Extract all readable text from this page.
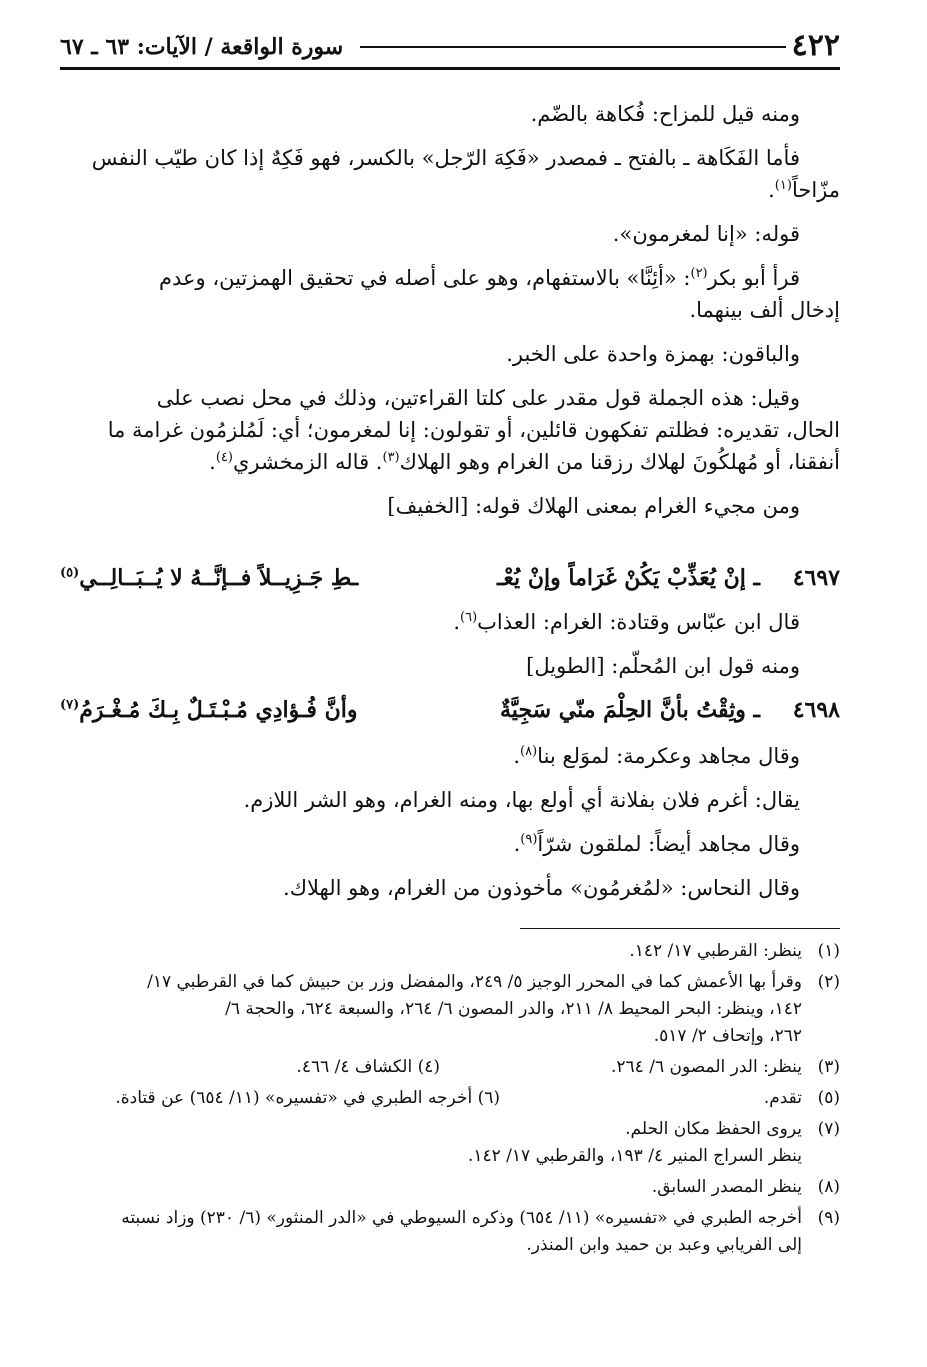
٤٢٢
سورة الواقعة / الآيات: ٦٣ ـ ٦٧

ومنه قيل للمزاح: فُكاهة بالضّم.

فأما الفَكَاهة ـ بالفتح ـ فمصدر «فَكِهَ الرّجل» بالكسر، فهو فَكِهٌ إذا كان طيّب النفس

مزّاحاً$^{(١)}$.

قوله: «إنا لمغرمون».

قرأ أبو بكر$^{(٢)}$: «أئِنَّا» بالاستفهام، وهو على أصله في تحقيق الهمزتين، وعدم

إدخال ألف بينهما.

والباقون: بهمزة واحدة على الخبر.

وقيل: هذه الجملة قول مقدر على كلتا القراءتين، وذلك في محل نصب على

الحال، تقديره: فظلتم تفكهون قائلين، أو تقولون: إنا لمغرمون؛ أي: لَمُلزمُون غرامة ما

أنفقنا، أو مُهلكُونَ لهلاك رزقنا من الغرام وهو الهلاك$^{(٣)}$. قاله الزمخشري$^{(٤)}$.

ومن مجيء الغرام بمعنى الهلاك قوله: [الخفيف]

٤٦٩٧
ـ إنْ يُعَذِّبْ يَكُنْ غَرَاماً وإنْ يُعْـ
ـطِ جَـزِيــلاً فــإنَّــهُ لا يُــبَــالِــي$^{(٥)}$

قال ابن عبّاس وقتادة: الغرام: العذاب$^{(٦)}$.

ومنه قول ابن المُحلّم: [الطويل]

٤٦٩٨
ـ وثِقْتُ بأنَّ الحِلْمَ منّي سَجِيَّةٌ
وأنَّ فُـؤادِي مُـبْـتَـلٌ بِـكَ مُـغْـرَمُ$^{(٧)}$

وقال مجاهد وعكرمة: لموَلع بنا$^{(٨)}$.

يقال: أغرم فلان بفلانة أي أولع بها، ومنه الغرام، وهو الشر اللازم.

وقال مجاهد أيضاً: لملقون شرّاً$^{(٩)}$.

وقال النحاس: «لمُغرمُون» مأخوذون من الغرام، وهو الهلاك.

(١)
ينظر: القرطبي ١٧/ ١٤٢.

(٢)
وقرأ بها الأعمش كما في المحرر الوجيز ٥/ ٢٤٩، والمفضل وزر بن حبيش كما في القرطبي ١٧/
١٤٢، وينظر: البحر المحيط ٨/ ٢١١، والدر المصون ٦/ ٢٦٤، والسبعة ٦٢٤، والحجة ٦/
٢٦٢، وإتحاف ٢/ ٥١٧.
(٣)
ينظر: الدر المصون ٦/ ٢٦٤.
(٤) الكشاف ٤/ ٤٦٦.
(٥)
تقدم.
(٦) أخرجه الطبري في «تفسيره» (١١/ ٦٥٤) عن قتادة.
(٧)
يروى الحفظ مكان الحلم.
ينظر السراج المنير ٤/ ١٩٣، والقرطبي ١٧/ ١٤٢.

(٨)
ينظر المصدر السابق.

(٩)
أخرجه الطبري في «تفسيره» (١١/ ٦٥٤) وذكره السيوطي في «الدر المنثور» (٦/ ٢٣٠) وزاد نسبته
إلى الفريابي وعبد بن حميد وابن المنذر.
